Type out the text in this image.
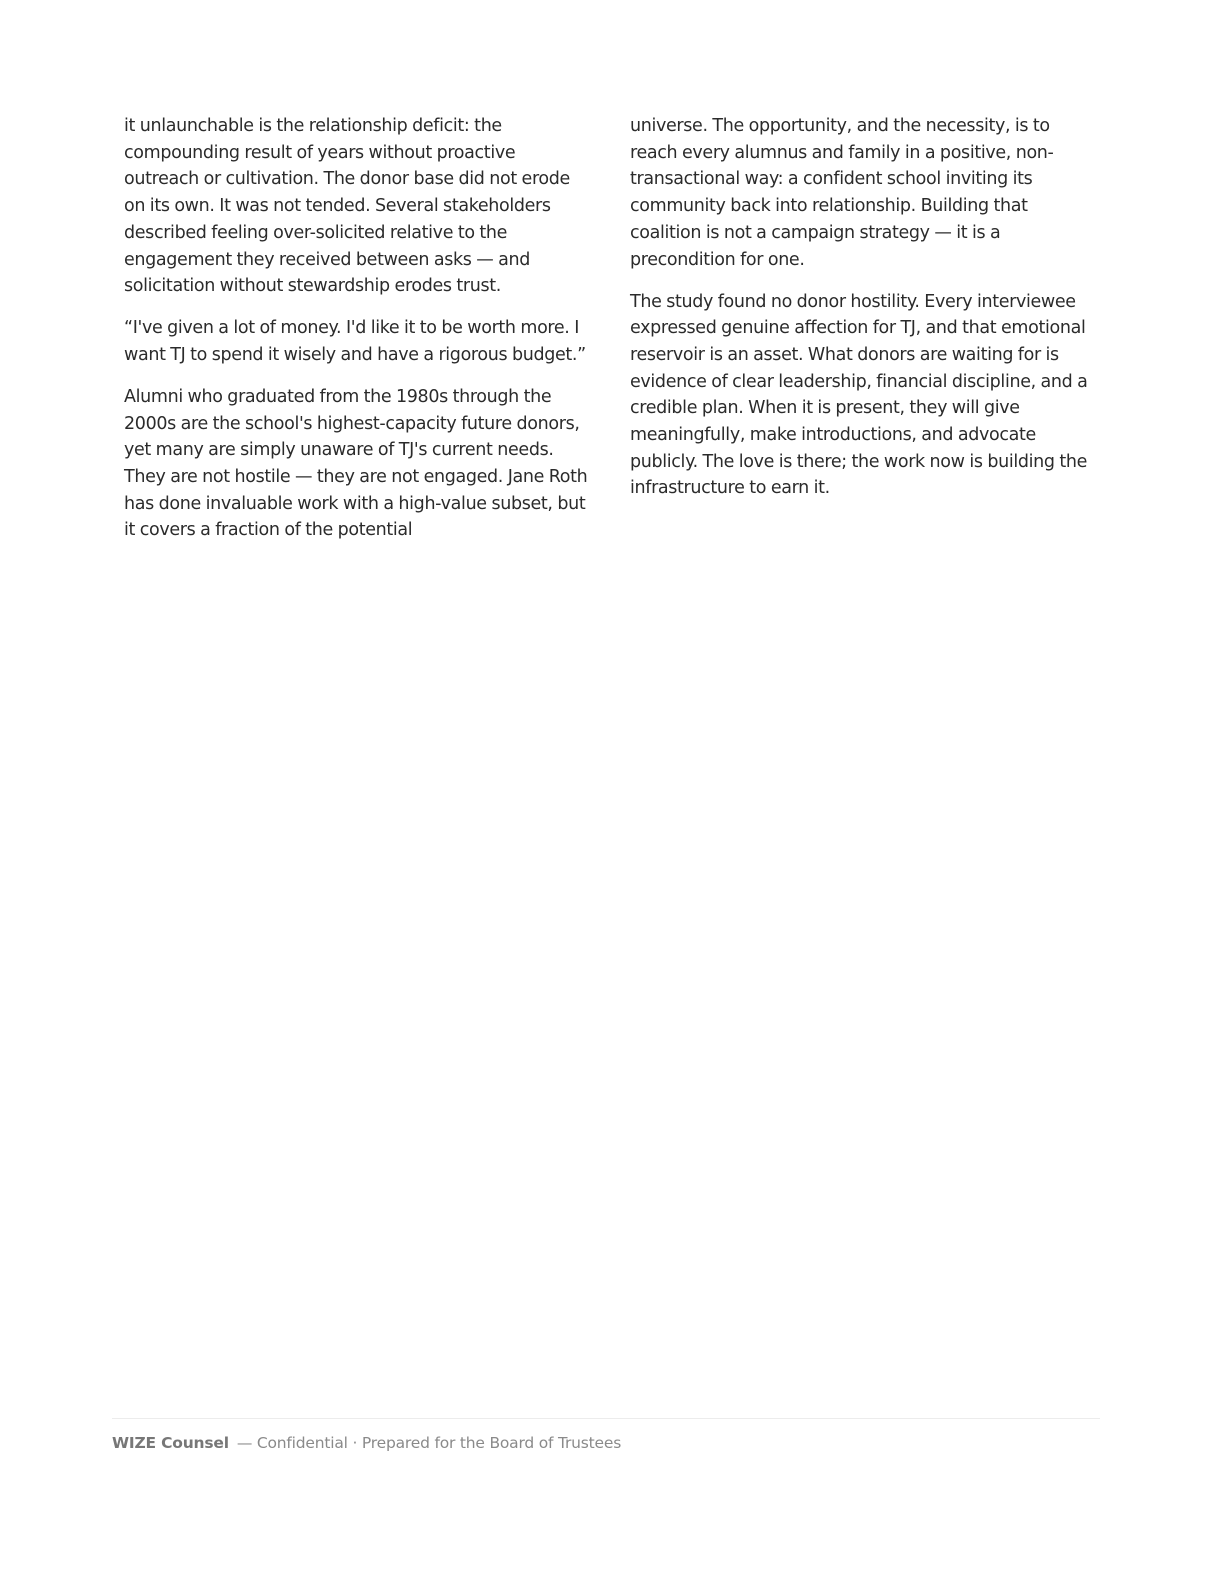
it unlaunchable is the relationship deficit: the compounding result of years without proactive outreach or cultivation. The donor base did not erode on its own. It was not tended. Several stakeholders described feeling over-solicited relative to the engagement they received between asks — and solicitation without stewardship erodes trust.

“I've given a lot of money. I'd like it to be worth more. I want TJ to spend it wisely and have a rigorous budget.”

Alumni who graduated from the 1980s through the 2000s are the school's highest-capacity future donors, yet many are simply unaware of TJ's current needs. They are not hostile — they are not engaged. Jane Roth has done invaluable work with a high-value subset, but it covers a fraction of the potential

universe. The opportunity, and the necessity, is to reach every alumnus and family in a positive, non-transactional way: a confident school inviting its community back into relationship. Building that coalition is not a campaign strategy — it is a precondition for one.

The study found no donor hostility. Every interviewee expressed genuine affection for TJ, and that emotional reservoir is an asset. What donors are waiting for is evidence of clear leadership, financial discipline, and a credible plan. When it is present, they will give meaningfully, make introductions, and advocate publicly. The love is there; the work now is building the infrastructure to earn it.

WIZE Counsel — Confidential · Prepared for the Board of Trustees
